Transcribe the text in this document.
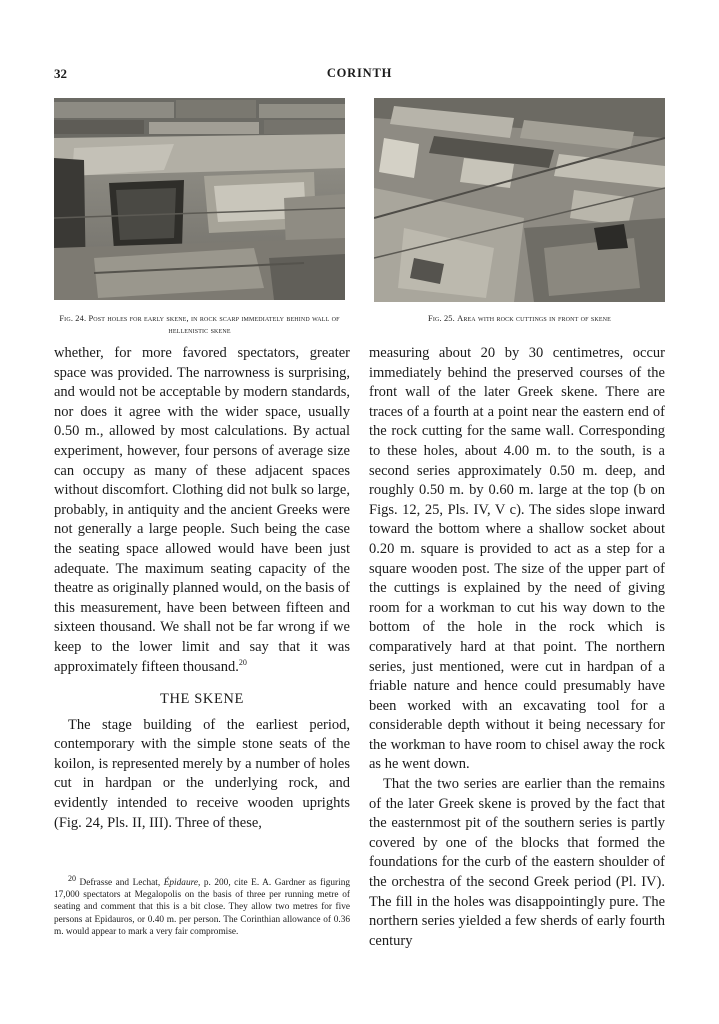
32	CORINTH
Fig. 24. Post holes for early skene, in rock scarp immediately behind wall of hellenistic skene
Fig. 25. Area with rock cuttings in front of skene

whether, for more favored spectators, greater space was provided. The narrowness is surprising, and would not be acceptable by modern standards, nor does it agree with the wider space, usually 0.50 m., allowed by most calculations. By actual experiment, however, four persons of average size can occupy as many of these adjacent spaces without discomfort. Clothing did not bulk so large, probably, in antiquity and the ancient Greeks were not generally a large people. Such being the case the seating space allowed would have been just adequate. The maximum seating capacity of the theatre as originally planned would, on the basis of this measurement, have been between fifteen and sixteen thousand. We shall not be far wrong if we keep to the lower limit and say that it was approximately fifteen thousand.$^{20}$

THE SKENE

The stage building of the earliest period, contemporary with the simple stone seats of the koilon, is represented merely by a number of holes cut in hardpan or the underlying rock, and evidently intended to receive wooden uprights (Fig. 24, Pls. II, III). Three of these,

$^{20}$ Defrasse and Lechat, Épidaure, p. 200, cite E. A. Gardner as figuring 17,000 spectators at Megalopolis on the basis of three per running metre of seating and comment that this is a bit close. They allow two metres for five persons at Epidauros, or 0.40 m. per person. The Corinthian allowance of 0.36 m. would appear to mark a very fair compromise.

measuring about 20 by 30 centimetres, occur immediately behind the preserved courses of the front wall of the later Greek skene. There are traces of a fourth at a point near the eastern end of the rock cutting for the same wall. Corresponding to these holes, about 4.00 m. to the south, is a second series approximately 0.50 m. deep, and roughly 0.50 m. by 0.60 m. large at the top (b on Figs. 12, 25, Pls. IV, V c). The sides slope inward toward the bottom where a shallow socket about 0.20 m. square is provided to act as a step for a square wooden post. The size of the upper part of the cuttings is explained by the need of giving room for a workman to cut his way down to the bottom of the hole in the rock which is comparatively hard at that point. The northern series, just mentioned, were cut in hardpan of a friable nature and hence could presumably have been worked with an excavating tool for a considerable depth without it being necessary for the workman to have room to chisel away the rock as he went down.

That the two series are earlier than the remains of the later Greek skene is proved by the fact that the easternmost pit of the southern series is partly covered by one of the blocks that formed the foundations for the curb of the eastern shoulder of the orchestra of the second Greek period (Pl. IV). The fill in the holes was disappointingly pure. The northern series yielded a few sherds of early fourth century
